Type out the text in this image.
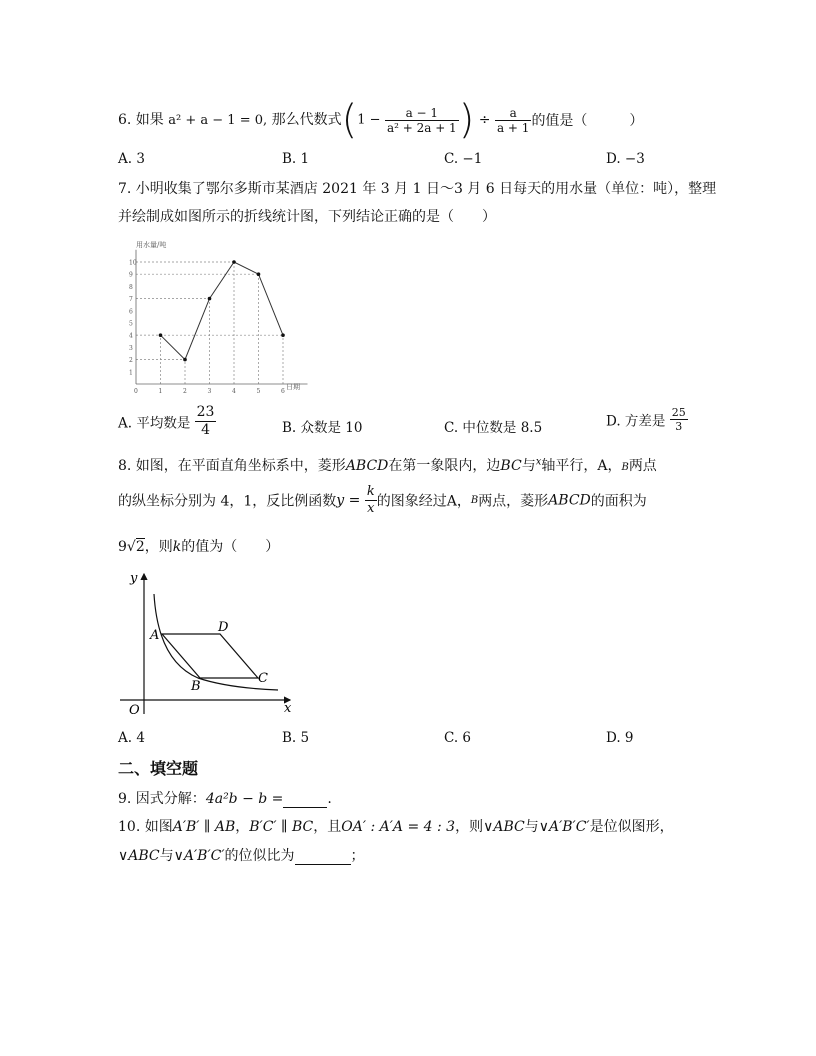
6. 如果 a² + a − 1 = 0, 那么代数式($1 - \frac{a - 1}{\text{a² + 2a + 1}}$ ) ÷ $\frac{a}{a + 1}$ 的值是（　　　）
A. 3	B. 1	C. −1	D. −3
7. 小明收集了鄂尔多斯市某酒店 2021 年 3 月 1 日～3 月 6 日每天的用水量（单位：吨），整理
并绘制成如图所示的折线统计图，下列结论正确的是（　　）
用水量/吨
日期
1
2
3
4
5
6
7
8
9
10
0	1	2	3	4	5	6
A. 平均数是 $\frac{23}{4}$	B. 众数是 10	C. 中位数是 8.5	D. 方差是 $\frac{25}{3}$
8. 如图，在平面直角坐标系中，菱形ABCD在第一象限内，边BC与$^x$轴平行，A，B两点
的纵坐标分别为 4，1，反比例函数$y = \frac{k}{x}$ 的图象经过A，B两点，菱形ABCD的面积为
9√2，则k的值为（　　）
y
x
O
A
D
B
C
A. 4	B. 5	C. 6	D. 9
二、填空题
9. 因式分解：4a²b − b =	.
10. 如图A′B′ ∥ AB，B′C′ ∥ BC，且OA′ : A′A = 4 : 3，则∨ABC与∨A′B′C′是位似图形，
∨ABC与∨A′B′C′的位似比为	；
